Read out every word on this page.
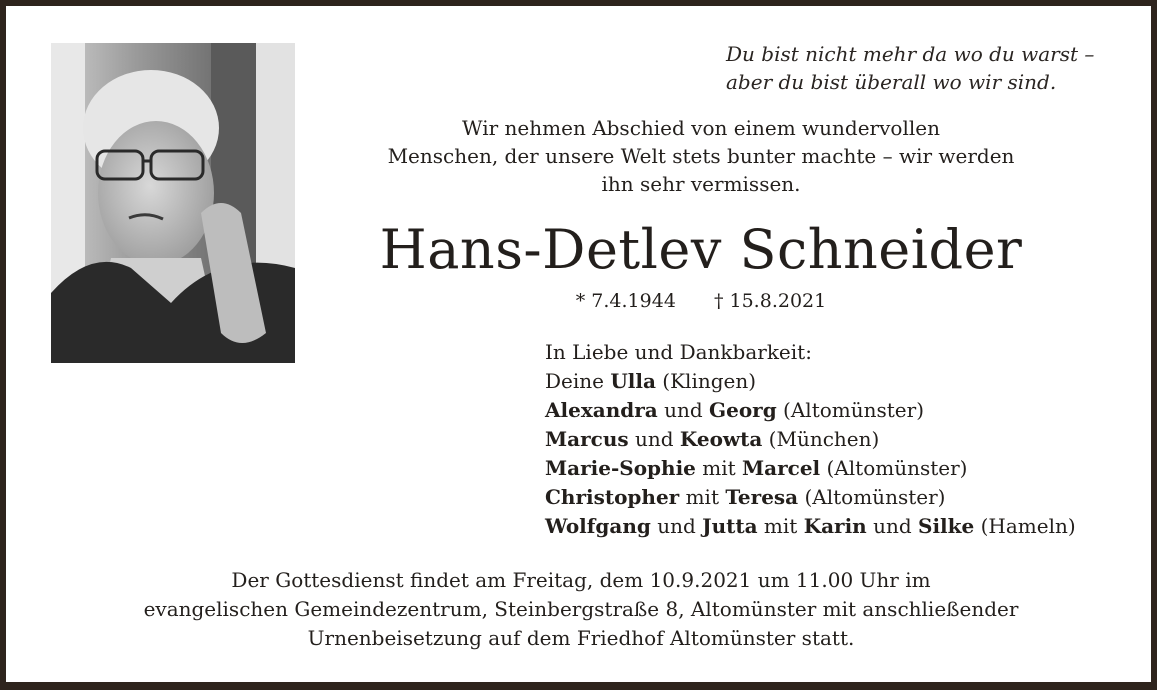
Du bist nicht mehr da wo du warst –
aber du bist überall wo wir sind.
Wir nehmen Abschied von einem wundervollen
Menschen, der unsere Welt stets bunter machte – wir werden
ihn sehr vermissen.
Hans-Detlev Schneider
* 7.4.1944 † 15.8.2021
In Liebe und Dankbarkeit:
Deine Ulla (Klingen)
Alexandra und Georg (Altomünster)
Marcus und Keowta (München)
Marie-Sophie mit Marcel (Altomünster)
Christopher mit Teresa (Altomünster)
Wolfgang und Jutta mit Karin und Silke (Hameln)
Der Gottesdienst findet am Freitag, dem 10.9.2021 um 11.00 Uhr im
evangelischen Gemeindezentrum, Steinbergstraße 8, Altomünster mit anschließender
Urnenbeisetzung auf dem Friedhof Altomünster statt.
